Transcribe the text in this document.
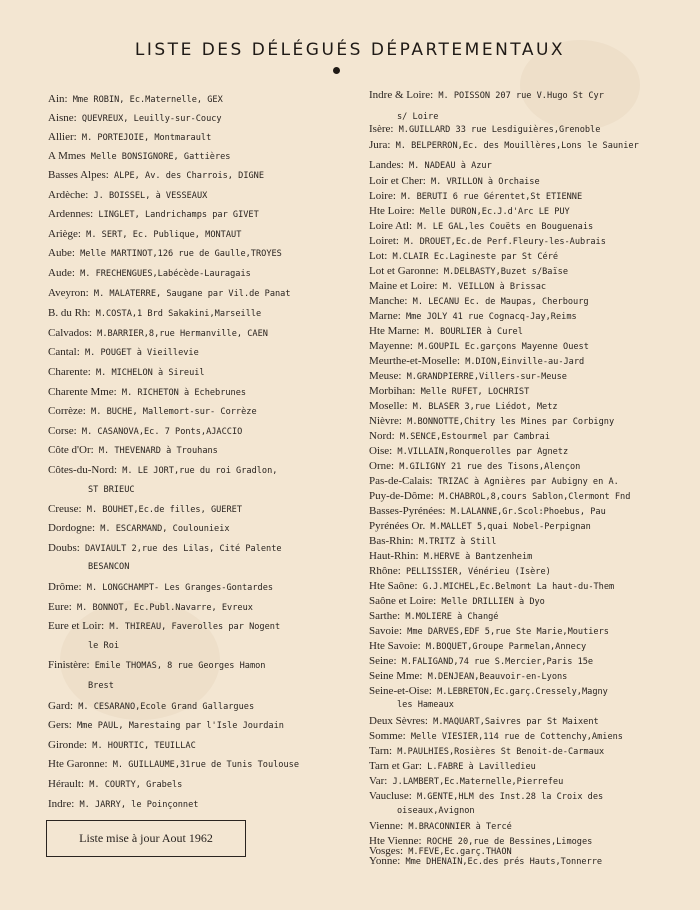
LISTE DES DÉLÉGUÉS DÉPARTEMENTAUX
Ain: Mme ROBIN, Ec.Maternelle, GEX
Aisne: QUEVREUX, Leuilly-sur-Coucy
Allier: M. PORTEJOIE, Montmarault
A Mmes Melle BONSIGNORE, Gattières
Basses Alpes: ALPE, Av. des Charrois, DIGNE
Ardèche: J. BOISSEL, à VESSEAUX
Ardennes: LINGLET, Landrichamps par GIVET
Ariège: M. SERT, Ec. Publique, MONTAUT
Aube: Melle MARTINOT,126 rue de Gaulle,TROYES
Aude: M. FRECHENGUES,Labécède-Lauragais
Aveyron: M. MALATERRE, Saugane par Vil.de Panat
B. du Rh: M.COSTA,1 Brd Sakakini,Marseille
Calvados: M.BARRIER,8,rue Hermanville, CAEN
Cantal: M. POUGET à Vieillevie
Charente: M. MICHELON à Sireuil
Charente Mme: M. RICHETON à Echebrunes
Corrèze: M. BUCHE, Mallemort-sur- Corrèze
Corse: M. CASANOVA,Ec. 7 Ponts,AJACCIO
Côte d'Or: M. THEVENARD à Trouhans
Côtes-du-Nord: M. LE JORT,rue du roi Gradlon,
ST BRIEUC
Creuse: M. BOUHET,Ec.de filles, GUERET
Dordogne: M. ESCARMAND, Coulounieix
Doubs: DAVIAULT 2,rue des Lilas, Cité Palente
BESANCON
Drôme: M. LONGCHAMPT- Les Granges-Gontardes
Eure: M. BONNOT, Ec.Publ.Navarre, Evreux
Eure et Loir: M. THIREAU, Faverolles par Nogent
le Roi
Finistère: Emile THOMAS, 8 rue Georges Hamon
Brest
Gard: M. CESARANO,Ecole Grand Gallargues
Gers: Mme PAUL, Marestaing par l'Isle Jourdain
Gironde: M. HOURTIC, TEUILLAC
Hte Garonne: M. GUILLAUME,31rue de Tunis Toulouse
Hérault: M. COURTY, Grabels
Indre: M. JARRY, le Poinçonnet
Indre & Loire: M. POISSON 207 rue V.Hugo St Cyr
s/ Loire
Isère: M.GUILLARD 33 rue Lesdiguières,Grenoble
Jura: M. BELPERRON,Ec. des Mouillères,Lons le Saunier
Landes: M. NADEAU à Azur
Loir et Cher: M. VRILLON à Orchaise
Loire: M. BERUTI 6 rue Gérentet,St ETIENNE
Hte Loire: Melle DURON,Ec.J.d'Arc LE PUY
Loire Atl: M. LE GAL,les Couëts en Bouguenais
Loiret: M. DROUET,Ec.de Perf.Fleury-les-Aubrais
Lot: M.CLAIR Ec.Lagineste par St Céré
Lot et Garonne: M.DELBASTY,Buzet s/Baïse
Maine et Loire: M. VEILLON à Brissac
Manche: M. LECANU Ec. de Maupas, Cherbourg
Marne: Mme JOLY 41 rue Cognacq-Jay,Reims
Hte Marne: M. BOURLIER à Curel
Mayenne: M.GOUPIL Ec.garçons Mayenne Ouest
Meurthe-et-Moselle: M.DION,Einville-au-Jard
Meuse: M.GRANDPIERRE,Villers-sur-Meuse
Morbihan: Melle RUFET, LOCHRIST
Moselle: M. BLASER 3,rue Liédot, Metz
Nièvre: M.BONNOTTE,Chitry les Mines par Corbigny
Nord: M.SENCE,Estourmel par Cambrai
Oise: M.VILLAIN,Ronquerolles par Agnetz
Orne: M.GILIGNY 21 rue des Tisons,Alençon
Pas-de-Calais: TRIZAC à Agnières par Aubigny en A.
Puy-de-Dôme: M.CHABROL,8,cours Sablon,Clermont Fnd
Basses-Pyrénées: M.LALANNE,Gr.Scol:Phoebus, Pau
Pyrénées Or. M.MALLET 5,quai Nobel-Perpignan
Bas-Rhin: M.TRITZ à Still
Haut-Rhin: M.HERVE à Bantzenheim
Rhône: PELLISSIER, Vénérieu (Isère)
Hte Saône: G.J.MICHEL,Ec.Belmont La haut-du-Them
Saône et Loire: Melle DRILLIEN à Dyo
Sarthe: M.MOLIERE à Changé
Savoie: Mme DARVES,EDF 5,rue Ste Marie,Moutiers
Hte Savoie: M.BOQUET,Groupe Parmelan,Annecy
Seine: M.FALIGAND,74 rue S.Mercier,Paris 15e
Seine Mme: M.DENJEAN,Beauvoir-en-Lyons
Seine-et-Oise: M.LEBRETON,Ec.garç.Cressely,Magny
les Hameaux
Deux Sèvres: M.MAQUART,Saivres par St Maixent
Somme: Melle VIESIER,114 rue de Cottenchy,Amiens
Tarn: M.PAULHIES,Rosières St Benoit-de-Carmaux
Tarn et Gar: L.FABRE à Lavilledieu
Var: J.LAMBERT,Ec.Maternelle,Pierrefeu
Vaucluse: M.GENTE,HLM des Inst.28 la Croix des
oiseaux,Avignon
Vienne: M.BRACONNIER à Tercé
Hte Vienne: ROCHE 20,rue de Bessines,Limoges
Vosges: M.FEVE,Ec.garç.THAON
Yonne: Mme DHENAIN,Ec.des prés Hauts,Tonnerre
Liste mise à jour Aout 1962
